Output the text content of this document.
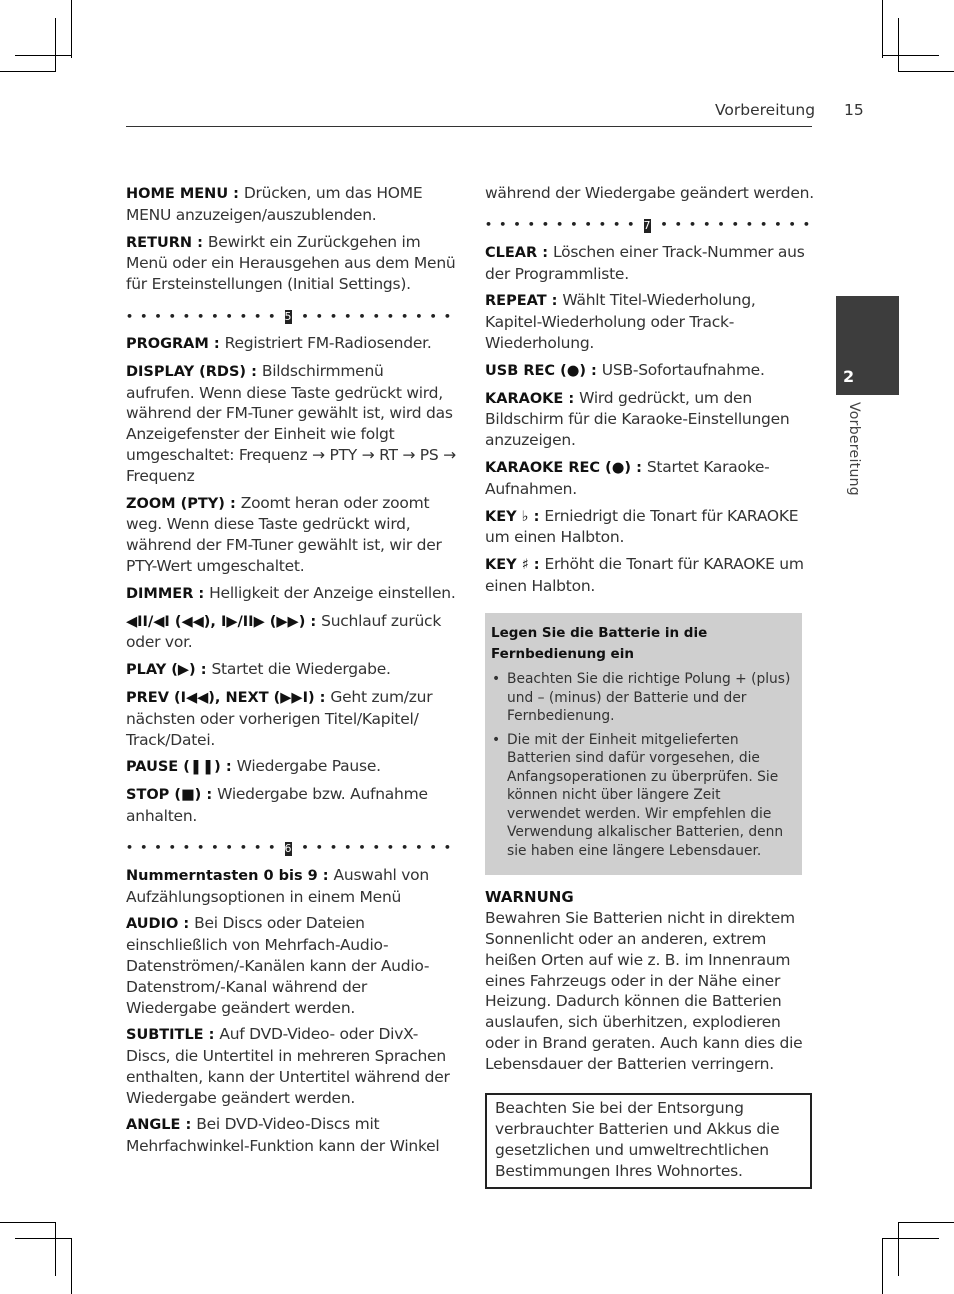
Vorbereitung 15
2
Vorbereitung
HOME MENU : Drücken, um das HOME MENU anzuzeigen/auszublenden.
RETURN : Bewirkt ein Zurückgehen im Menü oder ein Herausgehen aus dem Menü für Ersteinstellungen (Initial Settings).
••••••••••• 5 •••••••••••
PROGRAM : Registriert FM-Radiosender.
DISPLAY (RDS) : Bildschirmmenü aufrufen. Wenn diese Taste gedrückt wird, während der FM-Tuner gewählt ist, wird das Anzeigefenster der Einheit wie folgt umgeschaltet: Frequenz → PTY → RT → PS → Frequenz
ZOOM (PTY) : Zoomt heran oder zoomt weg. Wenn diese Taste gedrückt wird, während der FM-Tuner gewählt ist, wir der PTY-Wert umgeschaltet.
DIMMER : Helligkeit der Anzeige einstellen.
◀II/◀I (◀◀), I▶/II▶ (▶▶) : Suchlauf zurück oder vor.
PLAY (▶) : Startet die Wiedergabe.
PREV (I◀◀), NEXT (▶▶I) : Geht zum/zur nächsten oder vorherigen Titel/Kapitel/ Track/Datei.
PAUSE (❚❚) : Wiedergabe Pause.
STOP (■) : Wiedergabe bzw. Aufnahme anhalten.
••••••••••• 6 •••••••••••
Nummerntasten 0 bis 9 : Auswahl von Aufzählungsoptionen in einem Menü
AUDIO : Bei Discs oder Dateien einschließlich von Mehrfach-Audio-Datenströmen/-Kanälen kann der Audio-Datenstrom/-Kanal während der Wiedergabe geändert werden.
SUBTITLE : Auf DVD-Video- oder DivX-Discs, die Untertitel in mehreren Sprachen enthalten, kann der Untertitel während der Wiedergabe geändert werden.
ANGLE : Bei DVD-Video-Discs mit Mehrfachwinkel-Funktion kann der Winkel
während der Wiedergabe geändert werden.
••••••••••• 7 •••••••••••
CLEAR : Löschen einer Track-Nummer aus der Programmliste.
REPEAT : Wählt Titel-Wiederholung, Kapitel-Wiederholung oder Track-Wiederholung.
USB REC (●) : USB-Sofortaufnahme.
KARAOKE : Wird gedrückt, um den Bildschirm für die Karaoke-Einstellungen anzuzeigen.
KARAOKE REC (●) : Startet Karaoke-Aufnahmen.
KEY ♭ : Erniedrigt die Tonart für KARAOKE um einen Halbton.
KEY ♯ : Erhöht die Tonart für KARAOKE um einen Halbton.
Legen Sie die Batterie in die Fernbedienung ein
• Beachten Sie die richtige Polung + (plus) und – (minus) der Batterie und der Fernbedienung.
• Die mit der Einheit mitgelieferten Batterien sind dafür vorgesehen, die Anfangsoperationen zu überprüfen. Sie können nicht über längere Zeit verwendet werden. Wir empfehlen die Verwendung alkalischer Batterien, denn sie haben eine längere Lebensdauer.
WARNUNG
Bewahren Sie Batterien nicht in direktem Sonnenlicht oder an anderen, extrem heißen Orten auf wie z. B. im Innenraum eines Fahrzeugs oder in der Nähe einer Heizung. Dadurch können die Batterien auslaufen, sich überhitzen, explodieren oder in Brand geraten. Auch kann dies die Lebensdauer der Batterien verringern.
Beachten Sie bei der Entsorgung verbrauchter Batterien und Akkus die gesetzlichen und umweltrechtlichen Bestimmungen Ihres Wohnortes.
